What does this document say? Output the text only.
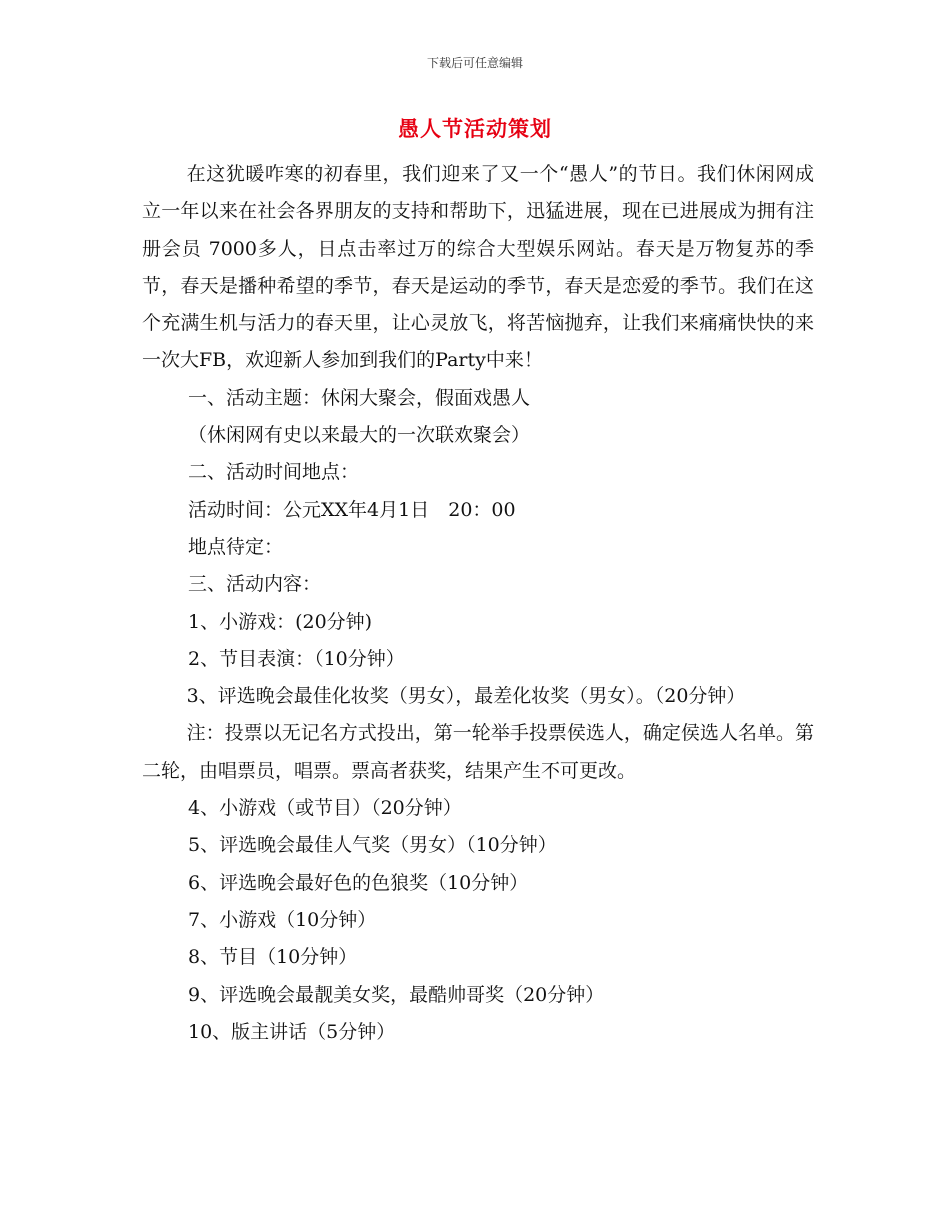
下载后可任意编辑
愚人节活动策划

在这犹暖咋寒的初春里，我们迎来了又一个“愚人”的节日。我们休闲网成立一年以来在社会各界朋友的支持和帮助下，迅猛进展，现在已进展成为拥有注册会员 7000多人，日点击率过万的综合大型娱乐网站。春天是万物复苏的季节，春天是播种希望的季节，春天是运动的季节，春天是恋爱的季节。我们在这个充满生机与活力的春天里，让心灵放飞，将苦恼抛弃，让我们来痛痛快快的来一次大FB，欢迎新人参加到我们的Party中来！

一、活动主题：休闲大聚会，假面戏愚人

（休闲网有史以来最大的一次联欢聚会）

二、活动时间地点：

活动时间：公元XX年4月1日　20：00

地点待定：

三、活动内容：

1、小游戏：(20分钟)

2、节目表演：（10分钟）

3、评选晚会最佳化妆奖（男女），最差化妆奖（男女）。（20分钟）

注：投票以无记名方式投出，第一轮举手投票侯选人，确定侯选人名单。第二轮，由唱票员，唱票。票高者获奖，结果产生不可更改。

4、小游戏（或节目）（20分钟）

5、评选晚会最佳人气奖（男女）（10分钟）

6、评选晚会最好色的色狼奖（10分钟）

7、小游戏（10分钟）

8、节目（10分钟）

9、评选晚会最靓美女奖，最酷帅哥奖（20分钟）

10、版主讲话（5分钟）
